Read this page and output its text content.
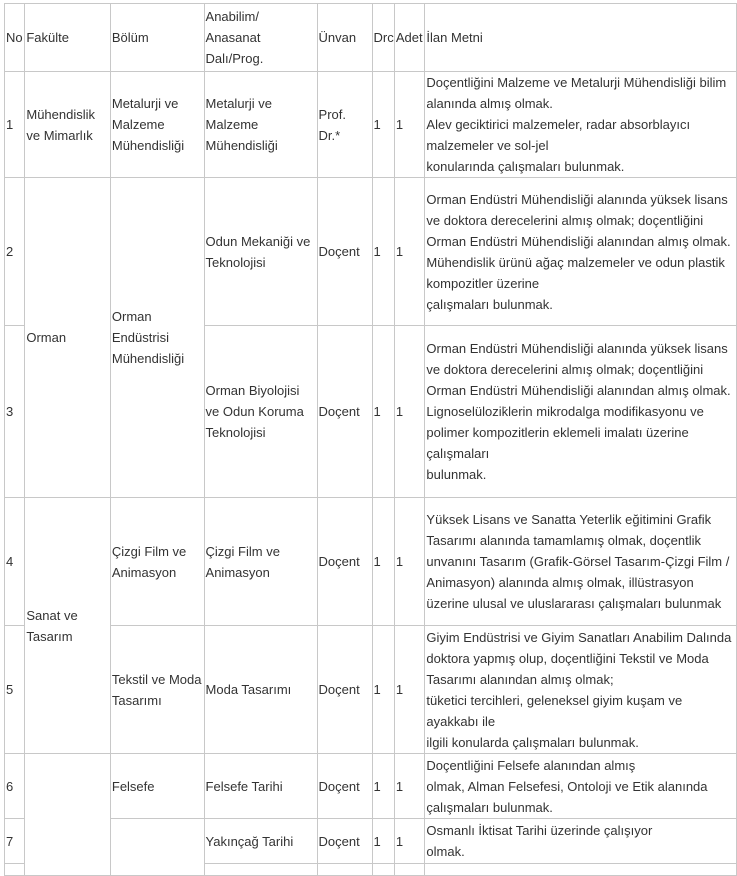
No	Fakülte	Bölüm	Anabilim/
Anasanat
Dalı/Prog.	Ünvan	Drc	Adet	İlan Metni
1	Mühendislik ve Mimarlık	Metalurji ve Malzeme Mühendisliği	Metalurji ve Malzeme Mühendisliği	Prof. Dr.*	1	1	Doçentliğini Malzeme ve Metalurji Mühendisliği bilim alanında almış olmak.
Alev geciktirici malzemeler, radar absorblayıcı malzemeler ve sol-jel
konularında çalışmaları bulunmak.

2	Orman	Orman Endüstrisi Mühendisliği	Odun Mekaniği ve Teknolojisi	Doçent	1	1	Orman Endüstri Mühendisliği alanında yüksek lisans ve doktora derecelerini almış olmak; doçentliğini Orman Endüstri Mühendisliği alanından almış olmak.
Mühendislik ürünü ağaç malzemeler ve odun plastik kompozitler üzerine
çalışmaları bulunmak.

3			Orman Biyolojisi ve Odun Koruma Teknolojisi	Doçent	1	1	Orman Endüstri Mühendisliği alanında yüksek lisans ve doktora derecelerini almış olmak; doçentliğini Orman Endüstri Mühendisliği alanından almış olmak.
Lignoselülozik̇lerin mikrodalga modifikasyonu ve polimer kompozitlerin eklemeli imalatı üzerine çalışmaları
bulunmak.

4	Sanat ve Tasarım	Çizgi Film ve Animasyon	Çizgi Film ve Animasyon	Doçent	1	1	Yüksek Lisans ve Sanatta Yeterlik eğitimini Grafik Tasarımı alanında tamamlamış olmak, doçentlik unvanını Tasarım (Grafik-Görsel Tasarım-Çizgi Film / Animasyon) alanında almış olmak, illüstrasyon üzerine ulusal ve uluslararası çalışmaları bulunmak

5		Tekstil ve Moda Tasarımı	Moda Tasarımı	Doçent	1	1	Giyim Endüstrisi ve Giyim Sanatları Anabilim Dalında doktora yapmış olup, doçentliğini Tekstil ve Moda Tasarımı alanından almış olmak;
tüketici tercihleri, geleneksel giyim kuşam ve ayakkabı ile
ilgili konularda çalışmaları bulunmak.

6		Felsefe	Felsefe Tarihi	Doçent	1	1	Doçentliğini Felsefe alanından almış
olmak, Alman Felsefesi, Ontoloji ve Etik alanında çalışmaları bulunmak.

7			Yakınçağ Tarihi	Doçent	1	1	Osmanlı İktisat Tarihi üzerinde çalışıyor
olmak.
